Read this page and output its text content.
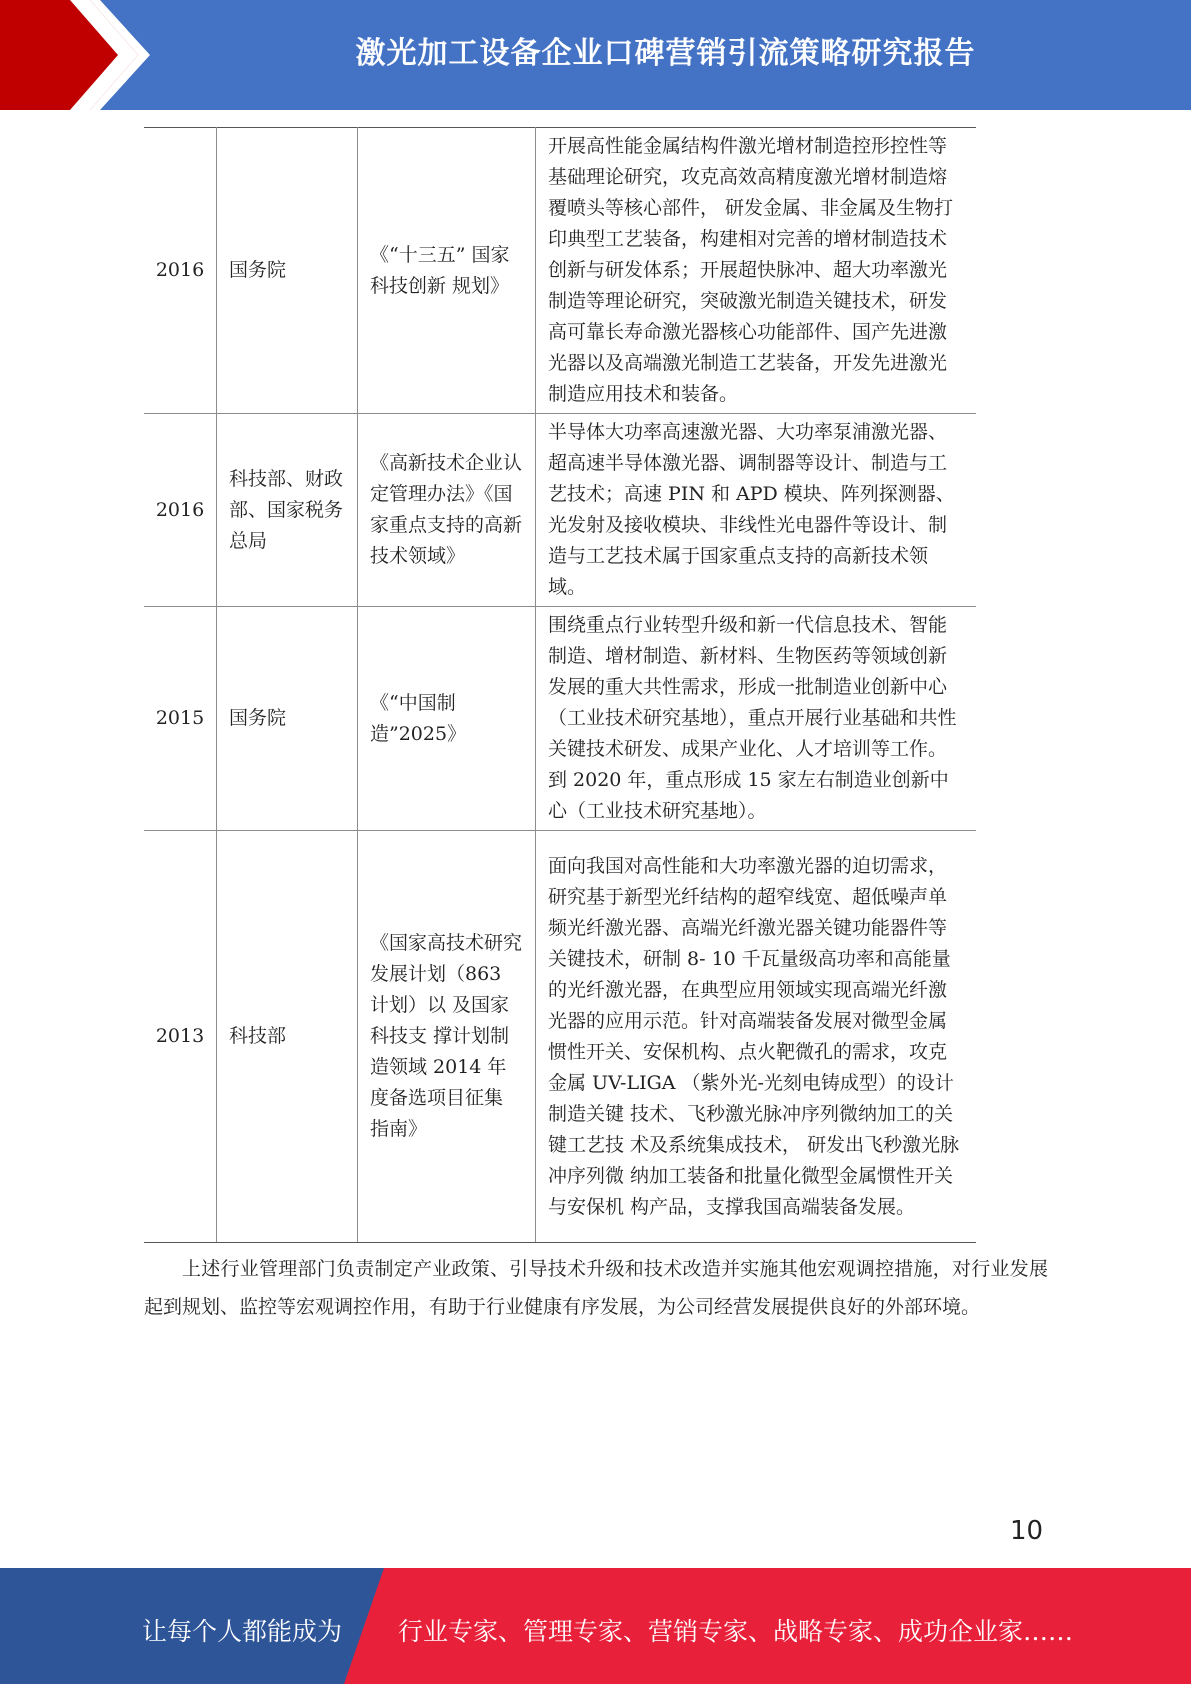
激光加工设备企业口碑营销引流策略研究报告
2016	国务院	《“十三五” 国家科技创新 规划》	开展高性能金属结构件激光增材制造控形控性等基础理论研究，攻克高效高精度激光增材制造熔覆喷头等核心部件， 研发金属、非金属及生物打印典型工艺装备，构建相对完善的增材制造技术创新与研发体系；开展超快脉冲、超大功率激光制造等理论研究，突破激光制造关键技术，研发高可靠长寿命激光器核心功能部件、国产先进激光器以及高端激光制造工艺装备，开发先进激光制造应用技术和装备。
2016	科技部、财政部、国家税务总局	《高新技术企业认定管理办法》《国家重点支持的高新技术领域》	半导体大功率高速激光器、大功率泵浦激光器、超高速半导体激光器、调制器等设计、制造与工艺技术；高速 PIN 和 APD 模块、阵列探测器、光发射及接收模块、非线性光电器件等设计、制造与工艺技术属于国家重点支持的高新技术领域。
2015	国务院	《“中国制造”2025》	围绕重点行业转型升级和新一代信息技术、智能制造、增材制造、新材料、生物医药等领域创新发展的重大共性需求，形成一批制造业创新中心（工业技术研究基地），重点开展行业基础和共性 关键技术研发、成果产业化、人才培训等工作。 到 2020 年，重点形成 15 家左右制造业创新中心（工业技术研究基地）。
2013	科技部	《国家高技术研究发展计划（863 计划）以 及国家科技支 撑计划制造领域 2014 年度备选项目征集 指南》	面向我国对高性能和大功率激光器的迫切需求，研究基于新型光纤结构的超窄线宽、超低噪声单频光纤激光器、高端光纤激光器关键功能器件等关键技术，研制 8- 10 千瓦量级高功率和高能量的光纤激光器，在典型应用领域实现高端光纤激光器的应用示范。针对高端装备发展对微型金属惯性开关、安保机构、点火靶微孔的需求，攻克金属 UV-LIGA （紫外光-光刻电铸成型）的设计制造关键 技术、飞秒激光脉冲序列微纳加工的关键工艺技 术及系统集成技术， 研发出飞秒激光脉冲序列微 纳加工装备和批量化微型金属惯性开关与安保机 构产品，支撑我国高端装备发展。
上述行业管理部门负责制定产业政策、引导技术升级和技术改造并实施其他宏观调控措施，对行业发展起到规划、监控等宏观调控作用，有助于行业健康有序发展，为公司经营发展提供良好的外部环境。
10
让每个人都能成为 行业专家、管理专家、营销专家、战略专家、成功企业家……
